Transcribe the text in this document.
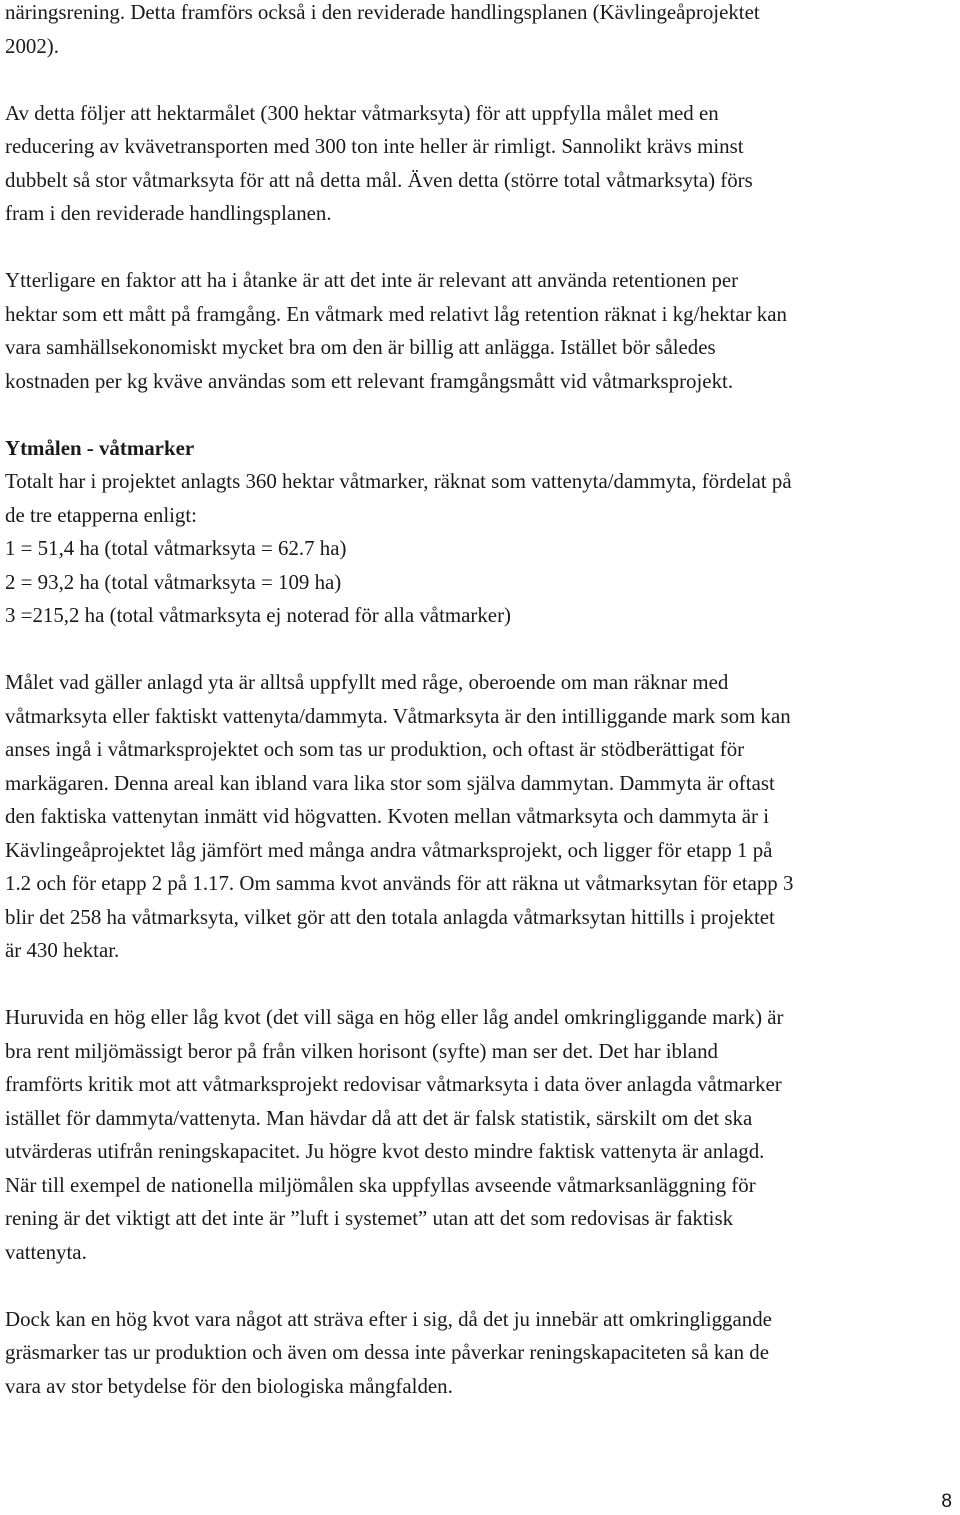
näringsrening. Detta framförs också i den reviderade handlingsplanen (Kävlingeåprojektet
2002).
Av detta följer att hektarmålet (300 hektar våtmarksyta) för att uppfylla målet med en
reducering av kvävetransporten med 300 ton inte heller är rimligt. Sannolikt krävs minst
dubbelt så stor våtmarksyta för att nå detta mål. Även detta (större total våtmarksyta) förs
fram i den reviderade handlingsplanen.
Ytterligare en faktor att ha i åtanke är att det inte är relevant att använda retentionen per
hektar som ett mått på framgång. En våtmark med relativt låg retention räknat i kg/hektar kan
vara samhällsekonomiskt mycket bra om den är billig att anlägga. Istället bör således
kostnaden per kg kväve användas som ett relevant framgångsmått vid våtmarksprojekt.
Ytmålen - våtmarker
Totalt har i projektet anlagts 360 hektar våtmarker, räknat som vattenyta/dammyta, fördelat på
de tre etapperna enligt:
1 = 51,4 ha (total våtmarksyta = 62.7 ha)
2 = 93,2 ha (total våtmarksyta = 109 ha)
3 =215,2 ha (total våtmarksyta ej noterad för alla våtmarker)
Målet vad gäller anlagd yta är alltså uppfyllt med råge, oberoende om man räknar med
våtmarksyta eller faktiskt vattenyta/dammyta. Våtmarksyta är den intilliggande mark som kan
anses ingå i våtmarksprojektet och som tas ur produktion, och oftast är stödberättigat för
markägaren. Denna areal kan ibland vara lika stor som själva dammytan. Dammyta är oftast
den faktiska vattenytan inmätt vid högvatten. Kvoten mellan våtmarksyta och dammyta är i
Kävlingeåprojektet låg jämfört med många andra våtmarksprojekt, och ligger för etapp 1 på
1.2 och för etapp 2 på 1.17. Om samma kvot används för att räkna ut våtmarksytan för etapp 3
blir det 258 ha våtmarksyta, vilket gör att den totala anlagda våtmarksytan hittills i projektet
är 430 hektar.
Huruvida en hög eller låg kvot (det vill säga en hög eller låg andel omkringliggande mark) är
bra rent miljömässigt beror på från vilken horisont (syfte) man ser det. Det har ibland
framförts kritik mot att våtmarksprojekt redovisar våtmarksyta i data över anlagda våtmarker
istället för dammyta/vattenyta. Man hävdar då att det är falsk statistik, särskilt om det ska
utvärderas utifrån reningskapacitet. Ju högre kvot desto mindre faktisk vattenyta är anlagd.
När till exempel de nationella miljömålen ska uppfyllas avseende våtmarksanläggning för
rening är det viktigt att det inte är ”luft i systemet” utan att det som redovisas är faktisk
vattenyta.
Dock kan en hög kvot vara något att sträva efter i sig, då det ju innebär att omkringliggande
gräsmarker tas ur produktion och även om dessa inte påverkar reningskapaciteten så kan de
vara av stor betydelse för den biologiska mångfalden.
8
